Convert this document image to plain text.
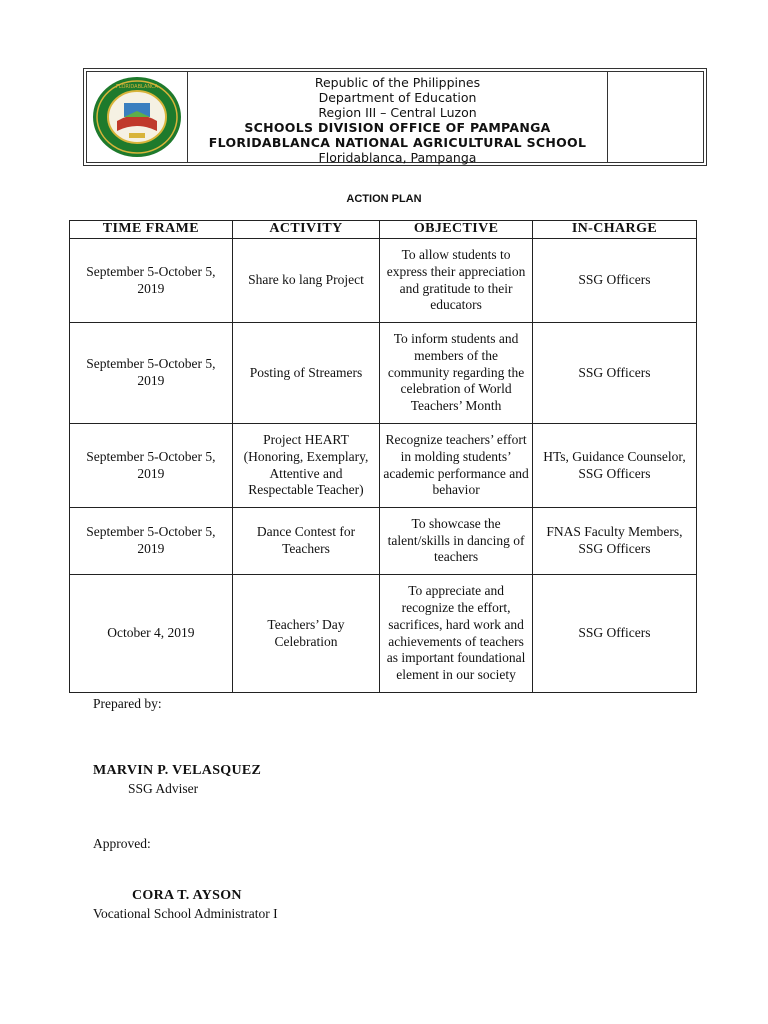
FLORIDABLANCA	Republic of the Philippines
Department of Education
Region III – Central Luzon
SCHOOLS DIVISION OFFICE OF PAMPANGA
FLORIDABLANCA NATIONAL AGRICULTURAL SCHOOL
Floridablanca, Pampanga
ACTION PLAN
TIME FRAME	ACTIVITY	OBJECTIVE	IN-CHARGE
September 5-October 5, 2019	Share ko lang Project	To allow students to express their appreciation and gratitude to their educators	SSG Officers
September 5-October 5, 2019	Posting of Streamers	To inform students and members of the community regarding the celebration of World Teachers’ Month	SSG Officers
September 5-October 5, 2019	Project HEART (Honoring, Exemplary, Attentive and Respectable Teacher)	Recognize teachers’ effort in molding students’ academic performance and behavior	HTs, Guidance Counselor, SSG Officers
September 5-October 5, 2019	Dance Contest for Teachers	To showcase the talent/skills in dancing of teachers	FNAS Faculty Members, SSG Officers
October 4, 2019	Teachers’ Day Celebration	To appreciate and recognize the effort, sacrifices, hard work and achievements of teachers as important foundational element in our society	SSG Officers
Prepared by:
MARVIN P. VELASQUEZ
SSG Adviser
Approved:
CORA T. AYSON
Vocational School Administrator I
